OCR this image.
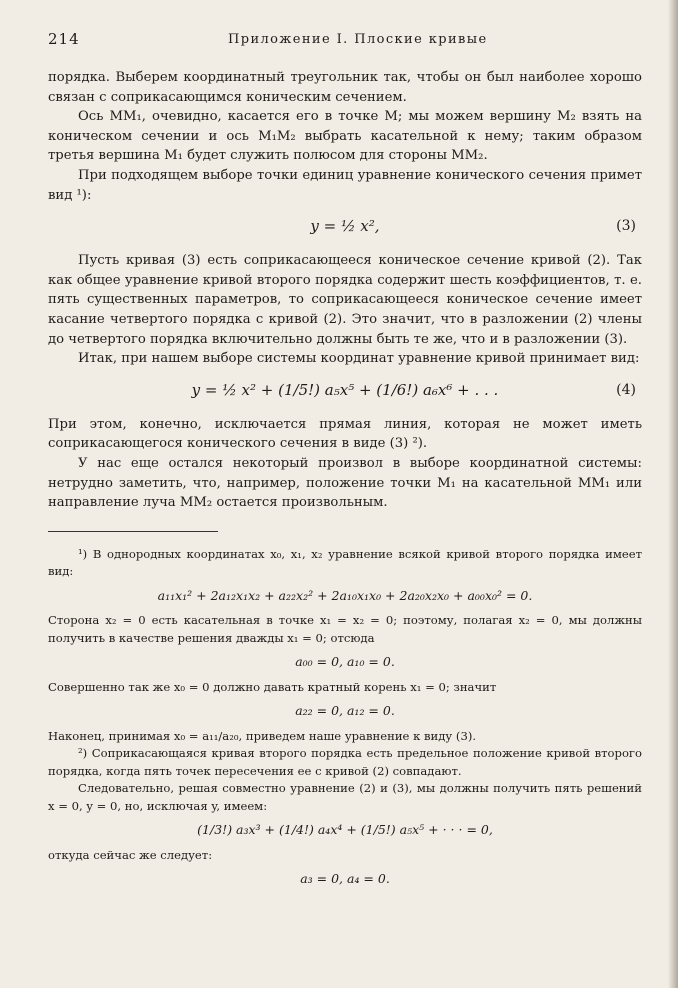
214	Приложение I. Плоские кривые

порядка. Выберем координатный треугольник так, чтобы он был наиболее хорошо связан с соприкасающимся коническим сечением.

Ось MM₁, очевидно, касается его в точке M; мы можем вершину M₂ взять на коническом сечении и ось M₁M₂ выбрать касательной к нему; таким образом третья вершина M₁ будет служить полюсом для стороны MM₂.

При подходящем выборе точки единиц уравнение конического сечения примет вид ¹):

y = ½ x²,	(3)

Пусть кривая (3) есть соприкасающееся коническое сечение кривой (2). Так как общее уравнение кривой второго порядка содержит шесть коэффициентов, т. е. пять существенных параметров, то соприкасающееся коническое сечение имеет касание четвертого порядка с кривой (2). Это значит, что в разложении (2) члены до четвертого порядка включительно должны быть те же, что и в разложении (3).

Итак, при нашем выборе системы координат уравнение кривой принимает вид:

y = ½ x² + (1/5!) a₅x⁵ + (1/6!) a₆x⁶ + . . .	(4)

При этом, конечно, исключается прямая линия, которая не может иметь соприкасающегося конического сечения в виде (3) ²).

У нас еще остался некоторый произвол в выборе координатной системы: нетрудно заметить, что, например, положение точки M₁ на касательной MM₁ или направление луча MM₂ остается произвольным.

¹) В однородных координатах x₀, x₁, x₂ уравнение всякой кривой второго порядка имеет вид:

a₁₁x₁² + 2a₁₂x₁x₂ + a₂₂x₂² + 2a₁₀x₁x₀ + 2a₂₀x₂x₀ + a₀₀x₀² = 0.

Сторона x₂ = 0 есть касательная в точке x₁ = x₂ = 0; поэтому, полагая x₂ = 0, мы должны получить в качестве решения дважды x₁ = 0; отсюда

a₀₀ = 0, a₁₀ = 0.

Совершенно так же x₀ = 0 должно давать кратный корень x₁ = 0; значит

a₂₂ = 0, a₁₂ = 0.

Наконец, принимая x₀ = a₁₁/a₂₀, приведем наше уравнение к виду (3).

²) Соприкасающаяся кривая второго порядка есть предельное положение кривой второго порядка, когда пять точек пересечения ее с кривой (2) совпадают.

Следовательно, решая совместно уравнение (2) и (3), мы должны получить пять решений x = 0, y = 0, но, исключая y, имеем:

(1/3!) a₃x³ + (1/4!) a₄x⁴ + (1/5!) a₅x⁵ + · · · = 0,

откуда сейчас же следует:

a₃ = 0, a₄ = 0.
